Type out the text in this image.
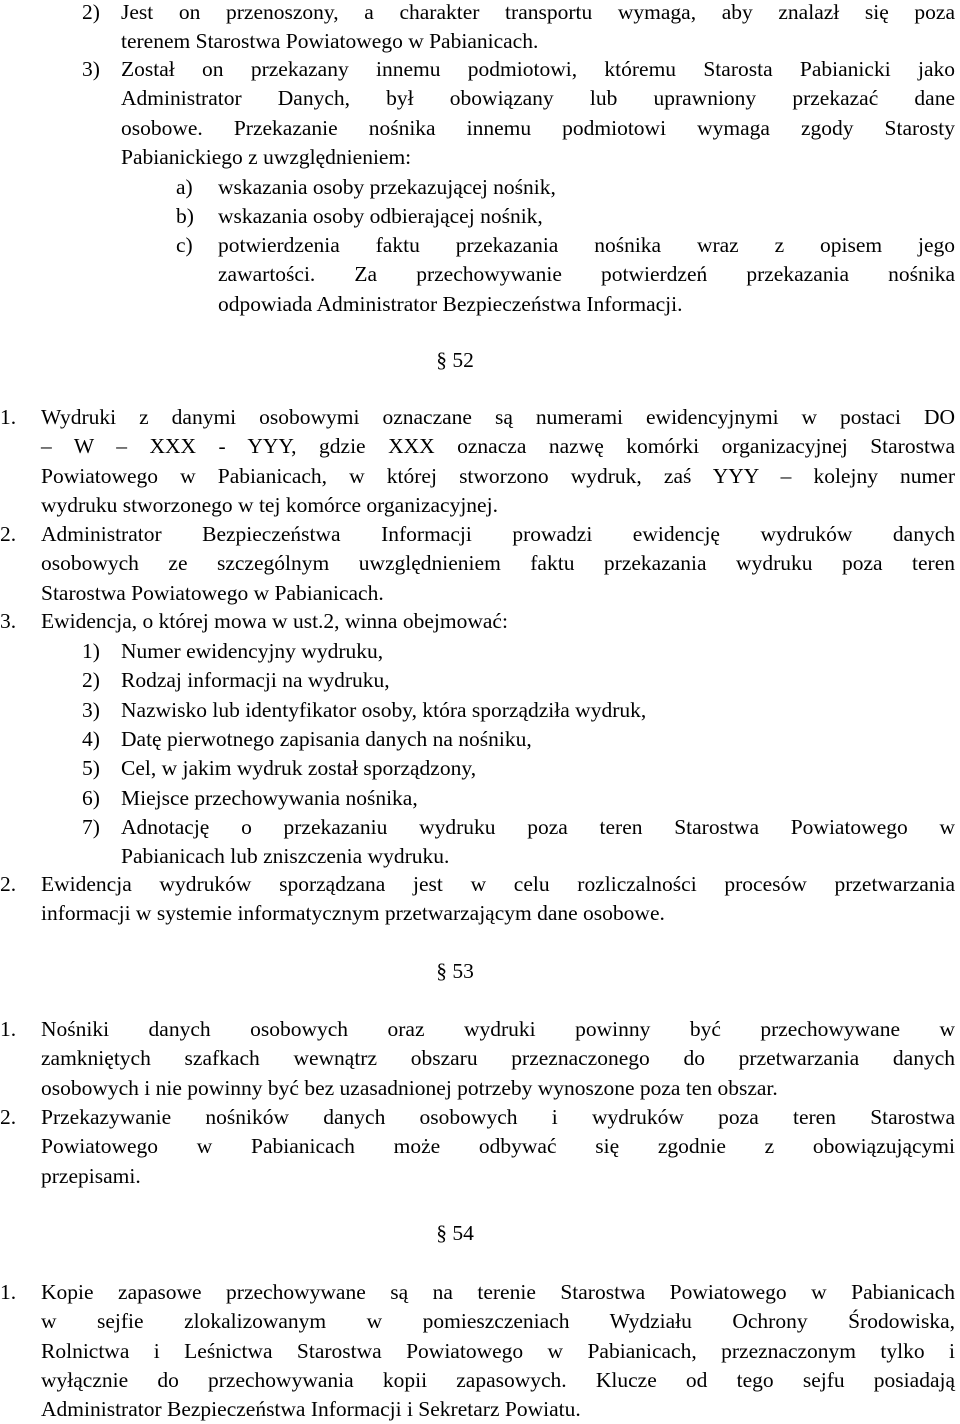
2) Jest on przenoszony, a charakter transportu wymaga, aby znalazł się poza
terenem Starostwa Powiatowego w Pabianicach.
3) Został on przekazany innemu podmiotowi, któremu Starosta Pabianicki jako
Administrator Danych, był obowiązany lub uprawniony przekazać dane
osobowe. Przekazanie nośnika innemu podmiotowi wymaga zgody Starosty
Pabianickiego z uwzględnieniem:
a) wskazania osoby przekazującej nośnik,
b) wskazania osoby odbierającej nośnik,
c) potwierdzenia faktu przekazania nośnika wraz z opisem jego
zawartości. Za przechowywanie potwierdzeń przekazania nośnika
odpowiada Administrator Bezpieczeństwa Informacji.
§ 52
1. Wydruki z danymi osobowymi oznaczane są numerami ewidencyjnymi w postaci DO
– W – XXX - YYY, gdzie XXX oznacza nazwę komórki organizacyjnej Starostwa
Powiatowego w Pabianicach, w której stworzono wydruk, zaś YYY – kolejny numer
wydruku stworzonego w tej komórce organizacyjnej.
2. Administrator Bezpieczeństwa Informacji prowadzi ewidencję wydruków danych
osobowych ze szczególnym uwzględnieniem faktu przekazania wydruku poza teren
Starostwa Powiatowego w Pabianicach.
3. Ewidencja, o której mowa w ust.2, winna obejmować:
1) Numer ewidencyjny wydruku,
2) Rodzaj informacji na wydruku,
3) Nazwisko lub identyfikator osoby, która sporządziła wydruk,
4) Datę pierwotnego zapisania danych na nośniku,
5) Cel, w jakim wydruk został sporządzony,
6) Miejsce przechowywania nośnika,
7) Adnotację o przekazaniu wydruku poza teren Starostwa Powiatowego w
Pabianicach lub zniszczenia wydruku.
2. Ewidencja wydruków sporządzana jest w celu rozliczalności procesów przetwarzania
informacji w systemie informatycznym przetwarzającym dane osobowe.
§ 53
1. Nośniki danych osobowych oraz wydruki powinny być przechowywane w
zamkniętych szafkach wewnątrz obszaru przeznaczonego do przetwarzania danych
osobowych i nie powinny być bez uzasadnionej potrzeby wynoszone poza ten obszar.
2. Przekazywanie nośników danych osobowych i wydruków poza teren Starostwa
Powiatowego w Pabianicach może odbywać się zgodnie z obowiązującymi
przepisami.
§ 54
1. Kopie zapasowe przechowywane są na terenie Starostwa Powiatowego w Pabianicach
w sejfie zlokalizowanym w pomieszczeniach Wydziału Ochrony Środowiska,
Rolnictwa i Leśnictwa Starostwa Powiatowego w Pabianicach, przeznaczonym tylko i
wyłącznie do przechowywania kopii zapasowych. Klucze od tego sejfu posiadają
Administrator Bezpieczeństwa Informacji i Sekretarz Powiatu.
